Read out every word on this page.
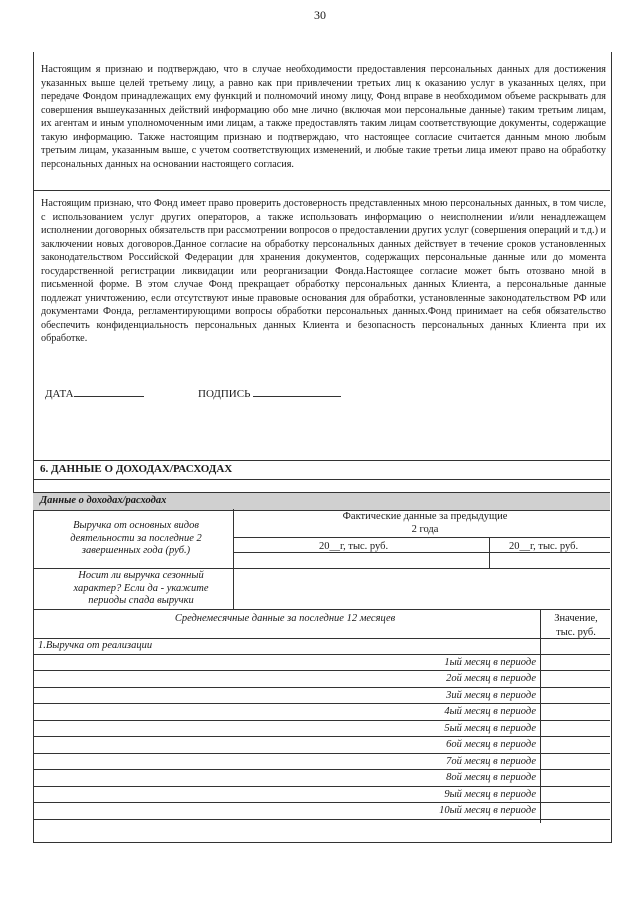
30
Настоящим я признаю и подтверждаю, что в случае необходимости предоставления персональных данных для достижения указанных выше целей третьему лицу, а равно как при привлечении третьих лиц к оказанию услуг в указанных целях, при передаче Фондом принадлежащих ему функций и полномочий иному лицу, Фонд вправе в необходимом объеме раскрывать для совершения вышеуказанных действий информацию обо мне лично (включая мои персональные данные) таким третьим лицам, их агентам и иным уполномоченным ими лицам, а также предоставлять таким лицам соответствующие документы, содержащие такую информацию. Также настоящим признаю и подтверждаю, что настоящее согласие считается данным мною любым третьим лицам, указанным выше, с учетом соответствующих изменений, и любые такие третьи лица имеют право на обработку персональных данных на основании настоящего согласия.
Настоящим признаю, что Фонд имеет право проверить достоверность представленных мною персональных данных, в том числе, с использованием услуг других операторов, а также использовать информацию о неисполнении и/или ненадлежащем исполнении договорных обязательств при рассмотрении вопросов о предоставлении других услуг (совершения операций и т.д.) и заключении новых договоров.Данное согласие на обработку персональных данных действует в течение сроков установленных законодательством Российской Федерации для хранения документов, содержащих персональные данные или до момента государственной регистрации ликвидации или реорганизации Фонда.Настоящее согласие может быть отозвано мной в письменной форме. В этом случае Фонд прекращает обработку персональных данных Клиента, а персональные данные подлежат уничтожению, если отсутствуют иные правовые основания для обработки, установленные законодательством РФ или документами Фонда, регламентирующими вопросы обработки персональных данных.Фонд принимает на себя обязательство обеспечить конфиденциальность персональных данных Клиента и безопасность персональных данных Клиента при их обработке.
ДАТА	ПОДПИСЬ
6. ДАННЫЕ О ДОХОДАХ/РАСХОДАХ
Данные о доходах/расходах
Выручка от основных видов деятельности за последние 2 завершенных года (руб.)
Фактические данные за предыдущие 2 года
20__г, тыс. руб.	20__г, тыс. руб.
Носит ли выручка сезонный характер? Если да - укажите периоды спада выручки
Среднемесячные данные за последние 12 месяцев	Значение, тыс. руб.
1.Выручка от реализации
1ый месяц в периоде
2ой месяц в периоде
3ий месяц в периоде
4ый месяц в периоде
5ый месяц в периоде
6ой месяц в периоде
7ой месяц в периоде
8ой месяц в периоде
9ый месяц в периоде
10ый месяц в периоде
